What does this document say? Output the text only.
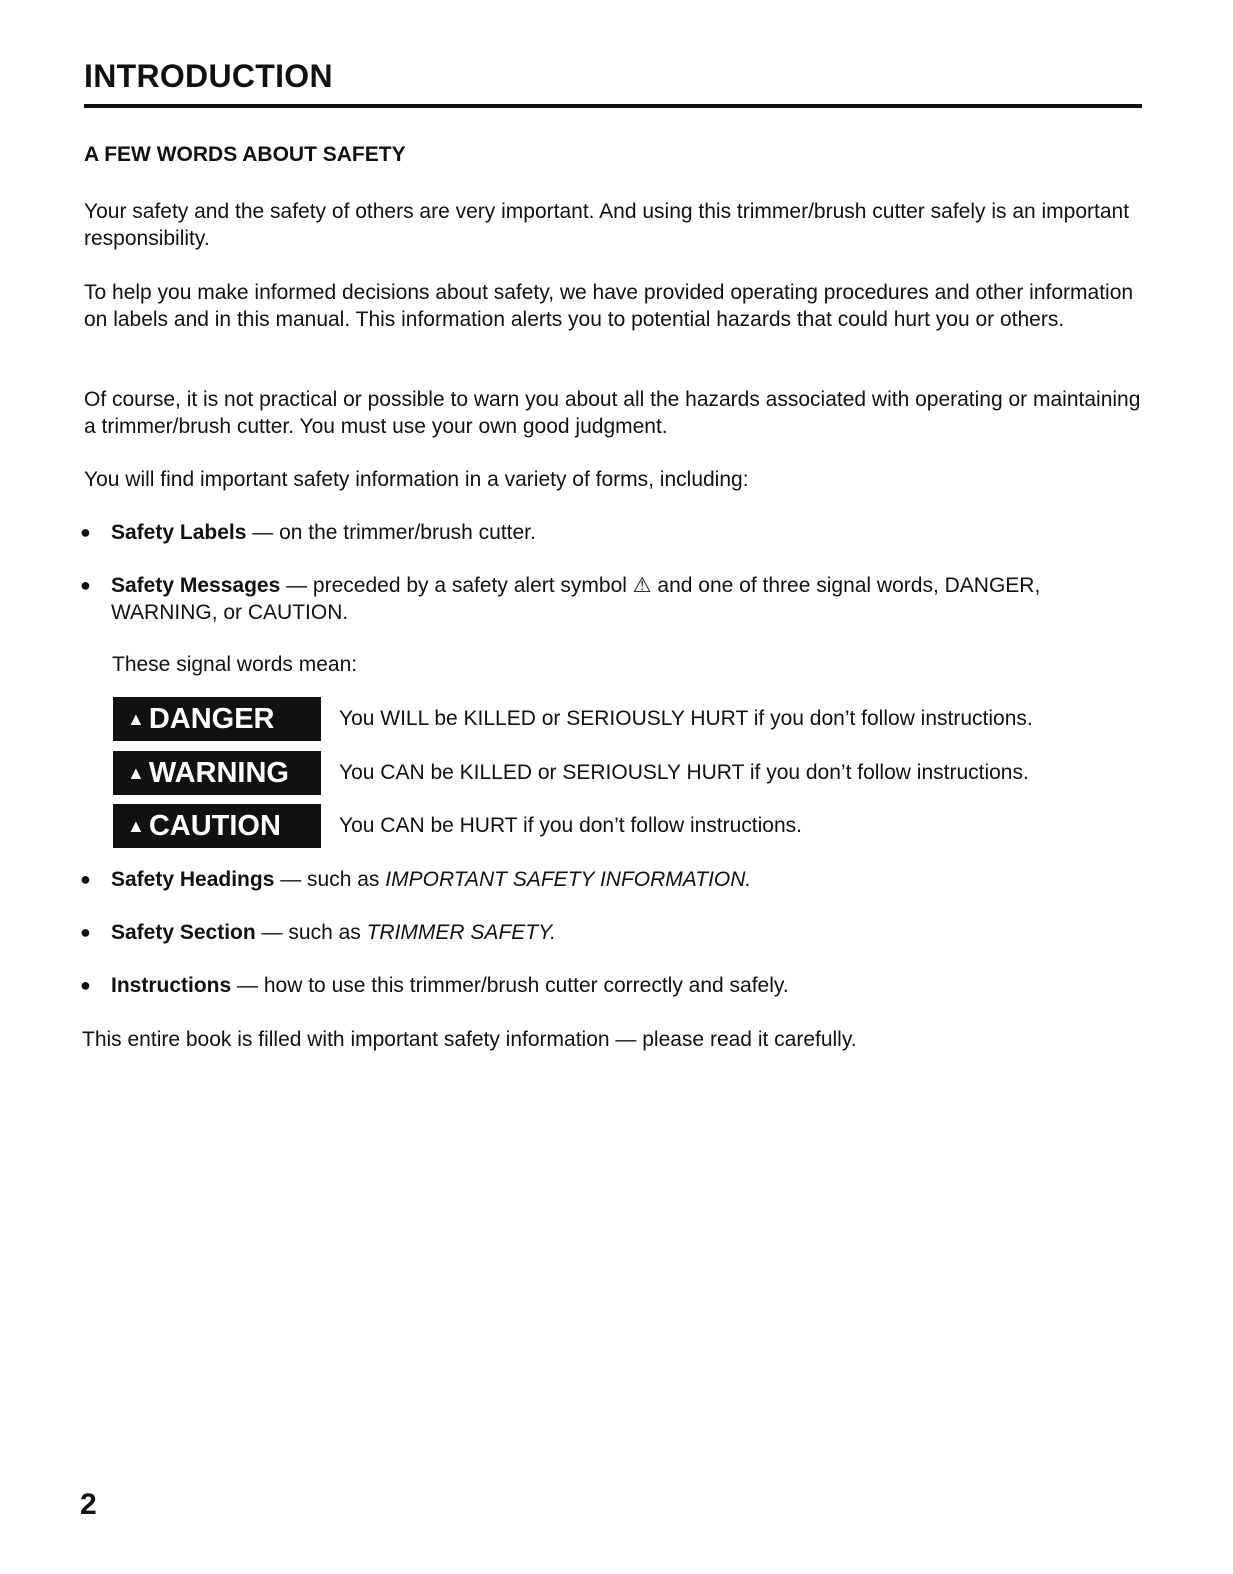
INTRODUCTION
A FEW WORDS ABOUT SAFETY

Your safety and the safety of others are very important. And using this trimmer/brush cutter safely is an important responsibility.

To help you make informed decisions about safety, we have provided operating procedures and other information on labels and in this manual. This information alerts you to potential hazards that could hurt you or others.

Of course, it is not practical or possible to warn you about all the hazards associated with operating or maintaining a trimmer/brush cutter. You must use your own good judgment.

You will find important safety information in a variety of forms, including:

● Safety Labels — on the trimmer/brush cutter.
● Safety Messages — preceded by a safety alert symbol ⚠ and one of three signal words, DANGER, WARNING, or CAUTION.

These signal words mean:

▲ DANGER	You WILL be KILLED or SERIOUSLY HURT if you don’t follow instructions.
▲ WARNING	You CAN be KILLED or SERIOUSLY HURT if you don’t follow instructions.
▲ CAUTION	You CAN be HURT if you don’t follow instructions.
● Safety Headings — such as IMPORTANT SAFETY INFORMATION.
● Safety Section — such as TRIMMER SAFETY.
● Instructions — how to use this trimmer/brush cutter correctly and safely.

This entire book is filled with important safety information — please read it carefully.

2
